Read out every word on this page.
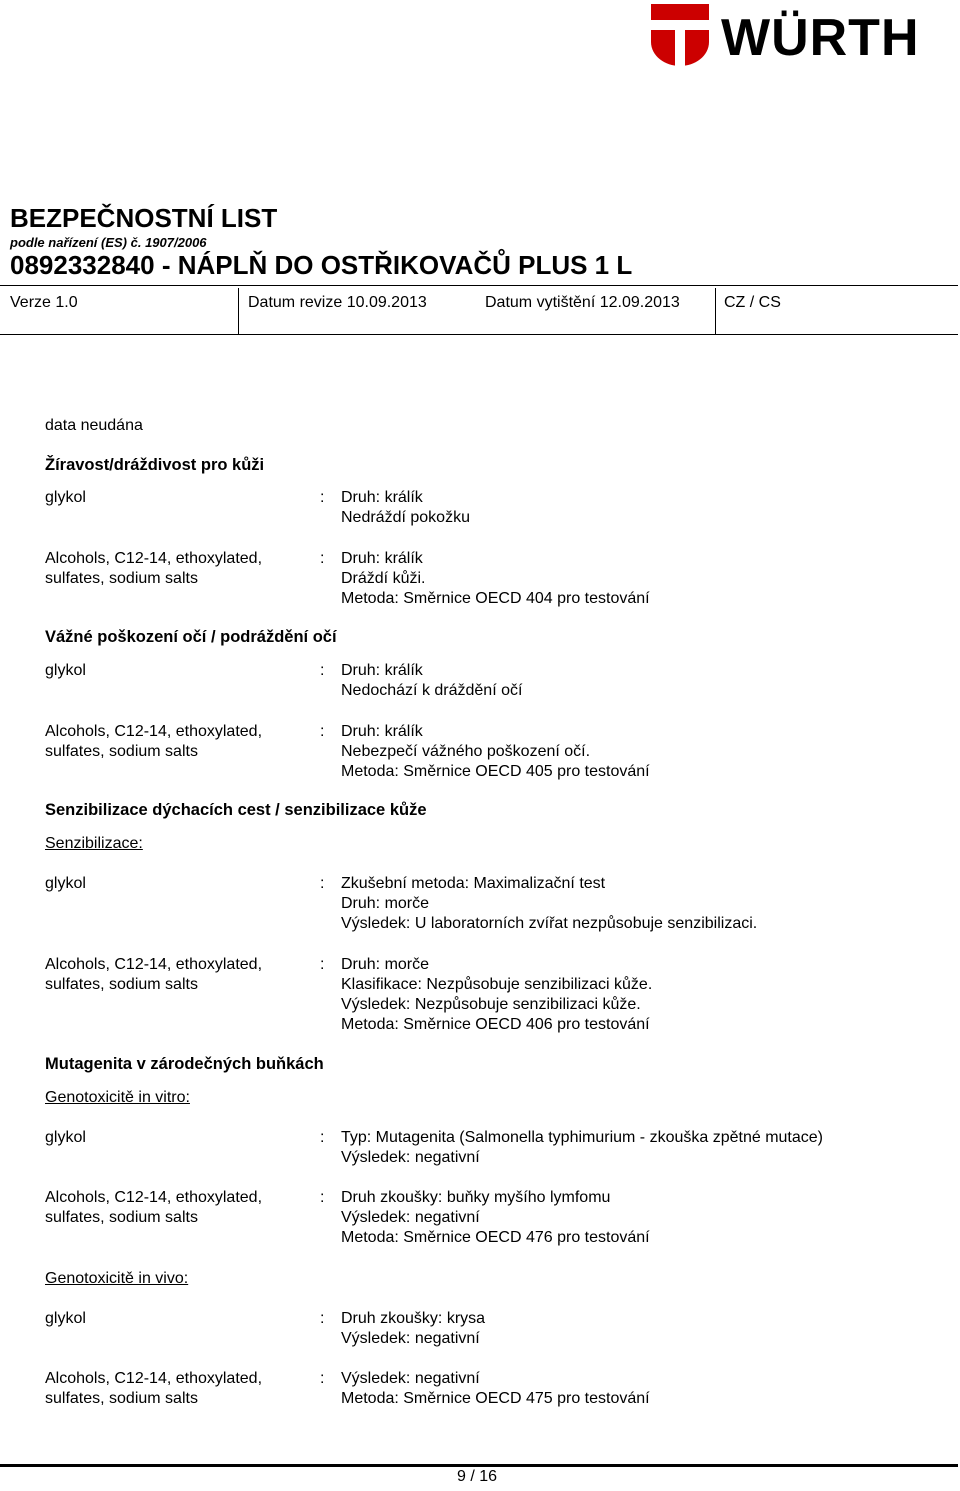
WÜRTH
BEZPEČNOSTNÍ LIST
podle nařízení (ES) č. 1907/2006
0892332840 - NÁPLŇ DO OSTŘIKOVAČŮ PLUS 1 L
Verze 1.0	Datum revize 10.09.2013	Datum vytištění 12.09.2013	CZ / CS
data neudána
Žíravost/dráždivost pro kůži
glykol	: Druh: králík
Nedráždí pokožku
Alcohols, C12-14, ethoxylated,
sulfates, sodium salts
: Druh: králík
Dráždí kůži.
Metoda: Směrnice OECD 404 pro testování
Vážné poškození očí / podráždění očí
glykol	: Druh: králík
Nedochází k dráždění očí
Alcohols, C12-14, ethoxylated,
sulfates, sodium salts
: Druh: králík
Nebezpečí vážného poškození očí.
Metoda: Směrnice OECD 405 pro testování
Senzibilizace dýchacích cest / senzibilizace kůže
Senzibilizace:
glykol	: Zkušební metoda: Maximalizační test
Druh: morče
Výsledek: U laboratorních zvířat nezpůsobuje senzibilizaci.
Alcohols, C12-14, ethoxylated,
sulfates, sodium salts
: Druh: morče
Klasifikace: Nezpůsobuje senzibilizaci kůže.
Výsledek: Nezpůsobuje senzibilizaci kůže.
Metoda: Směrnice OECD 406 pro testování
Mutagenita v zárodečných buňkách
Genotoxicitě in vitro:
glykol	: Typ: Mutagenita (Salmonella typhimurium - zkouška zpětné mutace)
Výsledek: negativní
Alcohols, C12-14, ethoxylated,
sulfates, sodium salts
: Druh zkoušky: buňky myšího lymfomu
Výsledek: negativní
Metoda: Směrnice OECD 476 pro testování
Genotoxicitě in vivo:
glykol	: Druh zkoušky: krysa
Výsledek: negativní
Alcohols, C12-14, ethoxylated,
sulfates, sodium salts
: Výsledek: negativní
Metoda: Směrnice OECD 475 pro testování
9 / 16
